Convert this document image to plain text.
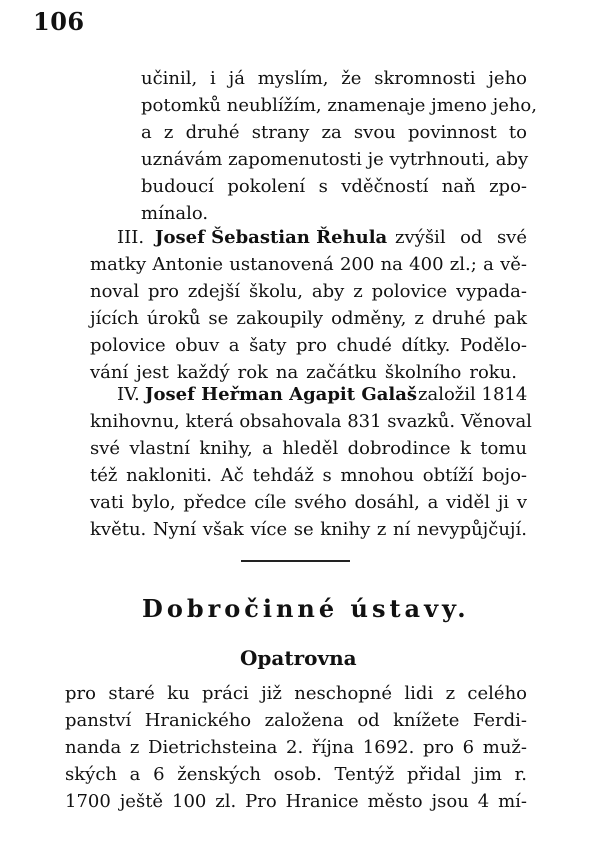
106
učinil, i já myslím, že skromnosti jeho
potomků neublížím, znamenaje jmeno jeho,
a z druhé strany za svou povinnost to
uznávám zapomenutosti je vytrhnouti, aby
budoucí pokolení s vděčností naň zpo-
mínalo.
III. Josef Šebastian Řehula zvýšil od své
matky Antonie ustanovená 200 na 400 zl.; a vě-
noval pro zdejší školu, aby z polovice vypada-
jících úroků se zakoupily odměny, z druhé pak
polovice obuv a šaty pro chudé dítky. Podělo-
vání jest každý rok na začátku školního roku.
IV. Josef Heřman Agapit Galaš založil 1814
knihovnu, která obsahovala 831 svazků. Věnoval
své vlastní knihy, a hleděl dobrodince k tomu
též nakloniti. Ač tehdáž s mnohou obtíží bojo-
vati bylo, předce cíle svého dosáhl, a viděl ji v
květu. Nyní však více se knihy z ní nevypůjčují.
Dobročinné ústavy.
Opatrovna
pro staré ku práci již neschopné lidi z celého
panství Hranického založena od knížete Ferdi-
nanda z Dietrichsteina 2. října 1692. pro 6 muž-
ských a 6 ženských osob. Tentýž přidal jim r.
1700 ještě 100 zl. Pro Hranice město jsou 4 mí-
